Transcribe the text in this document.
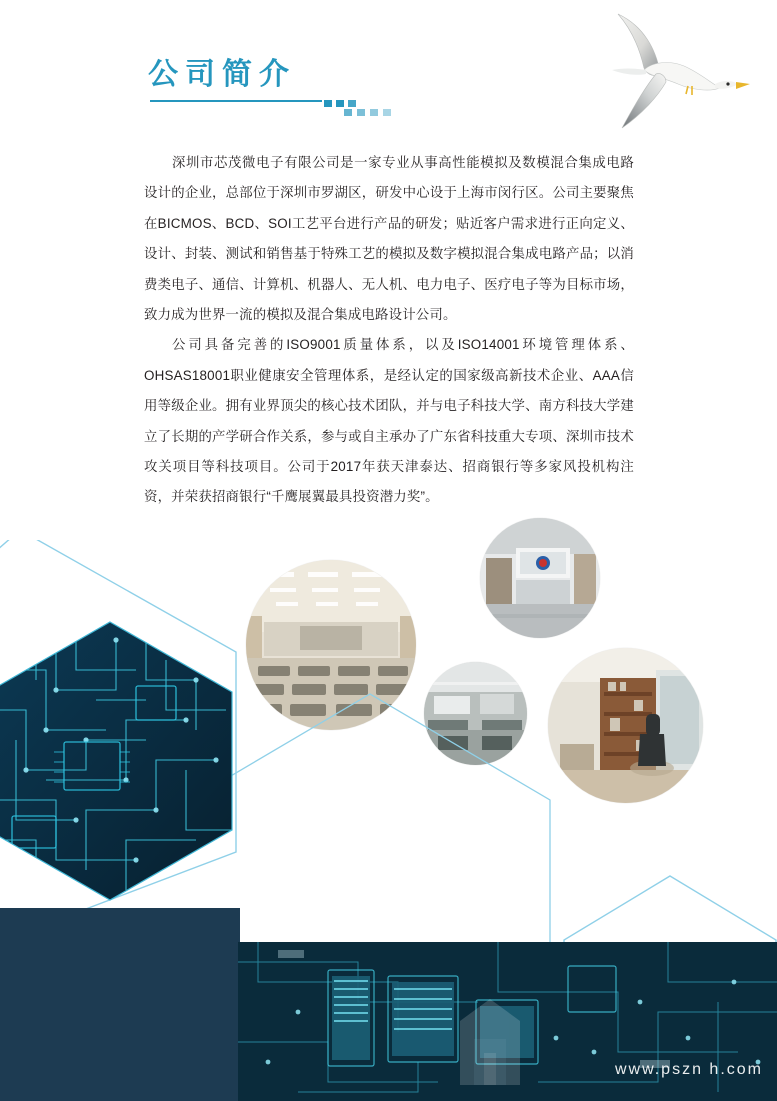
公司简介

深圳市芯茂微电子有限公司是一家专业从事高性能模拟及数模混合集成电路设计的企业，总部位于深圳市罗湖区，研发中心设于上海市闵行区。公司主要聚焦在BICMOS、BCD、SOI工艺平台进行产品的研发；贴近客户需求进行正向定义、设计、封装、测试和销售基于特殊工艺的模拟及数字模拟混合集成电路产品；以消费类电子、通信、计算机、机器人、无人机、电力电子、医疗电子等为目标市场，致力成为世界一流的模拟及混合集成电路设计公司。

公司具备完善的ISO9001质量体系，以及ISO14001环境管理体系、OHSAS18001职业健康安全管理体系，是经认定的国家级高新技术企业、AAA信用等级企业。拥有业界顶尖的核心技术团队，并与电子科技大学、南方科技大学建立了长期的产学研合作关系，参与或自主承办了广东省科技重大专项、深圳市技术攻关项目等科技项目。公司于2017年获天津泰达、招商银行等多家风投机构注资，并荣获招商银行“千鹰展翼最具投资潜力奖”。

www.pszn h.com
